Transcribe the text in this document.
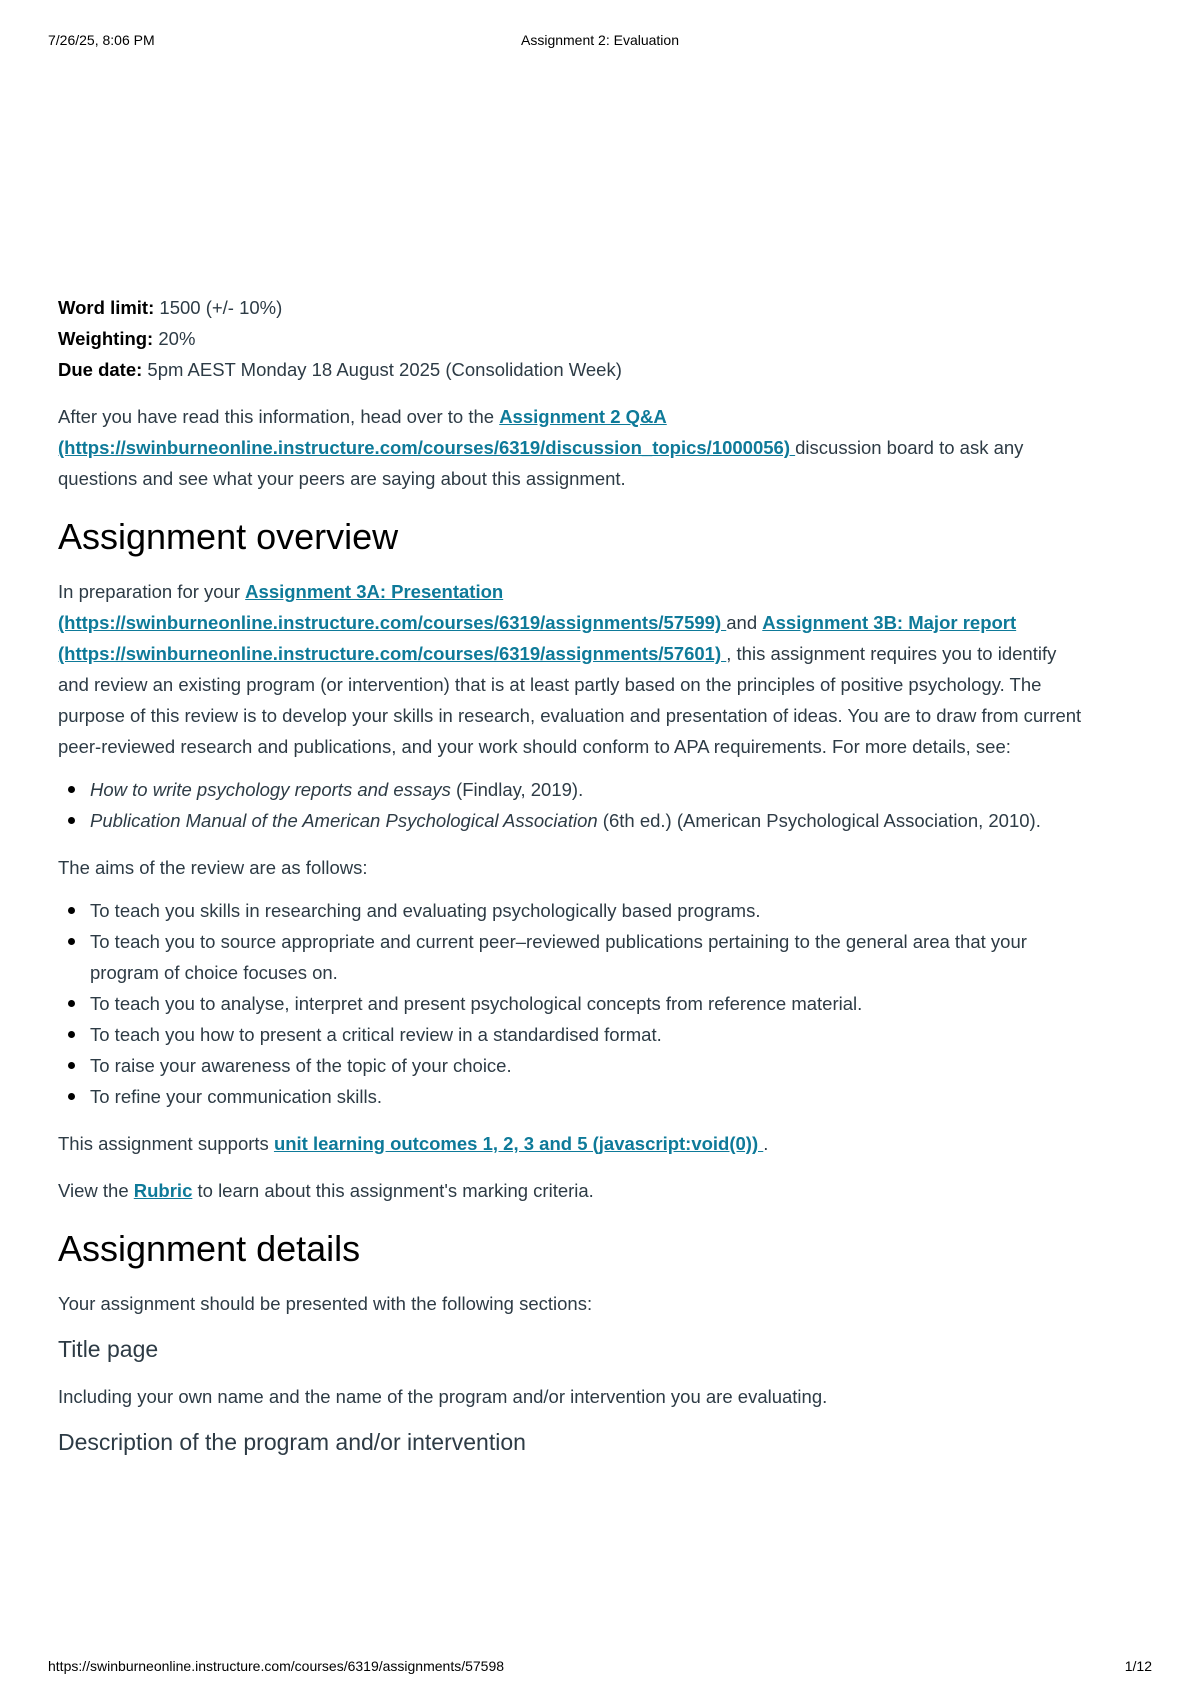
7/26/25, 8:06 PM	Assignment 2: Evaluation

Word limit: 1500 (+/- 10%)

Weighting: 20%

Due date: 5pm AEST Monday 18 August 2025 (Consolidation Week)

After you have read this information, head over to the Assignment 2 Q&A (https://swinburneonline.instructure.com/courses/6319/discussion_topics/1000056) discussion board to ask any questions and see what your peers are saying about this assignment.

Assignment overview

In preparation for your Assignment 3A: Presentation (https://swinburneonline.instructure.com/courses/6319/assignments/57599) and Assignment 3B: Major report (https://swinburneonline.instructure.com/courses/6319/assignments/57601) , this assignment requires you to identify and review an existing program (or intervention) that is at least partly based on the principles of positive psychology. The purpose of this review is to develop your skills in research, evaluation and presentation of ideas. You are to draw from current peer-reviewed research and publications, and your work should conform to APA requirements. For more details, see:

How to write psychology reports and essays (Findlay, 2019).
Publication Manual of the American Psychological Association (6th ed.) (American Psychological Association, 2010).

The aims of the review are as follows:

To teach you skills in researching and evaluating psychologically based programs.
To teach you to source appropriate and current peer–reviewed publications pertaining to the general area that your program of choice focuses on.
To teach you to analyse, interpret and present psychological concepts from reference material.
To teach you how to present a critical review in a standardised format.
To raise your awareness of the topic of your choice.
To refine your communication skills.

This assignment supports unit learning outcomes 1, 2, 3 and 5 (javascript:void(0)) .

View the Rubric to learn about this assignment's marking criteria.

Assignment details

Your assignment should be presented with the following sections:

Title page

Including your own name and the name of the program and/or intervention you are evaluating.

Description of the program and/or intervention
https://swinburneonline.instructure.com/courses/6319/assignments/57598	1/12
